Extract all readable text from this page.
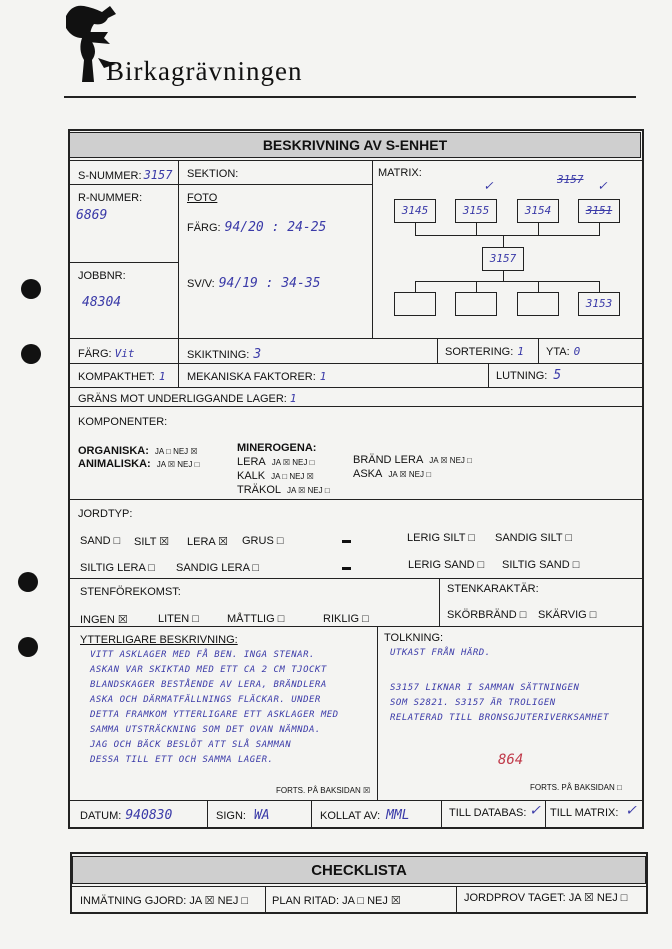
Birkagrävningen
BESKRIVNING AV S-ENHET
S-NUMMER: 3157 SEKTION:	MATRIX:
R-NUMMER:
6869
FOTO
FÄRG: 94/20 : 24-25
JOBBNR:
48304
SV/V: 94/19 : 34-35
3145	3155	3154	3151
3157
✓	✓
3157
3153
FÄRG: Vit	SKIKTNING: 3	SORTERING: 1 YTA: 0
KOMPAKTHET: 1 MEKANISKA FAKTORER: 1	LUTNING: 5
GRÄNS MOT UNDERLIGGANDE LAGER: 1
KOMPONENTER:
ORGANISKA: JA □ NEJ ☒
ANIMALISKA: JA ☒ NEJ □
MINEROGENA:
LERA JA ☒ NEJ □	BRÄND LERA JA ☒ NEJ □
KALK JA □ NEJ ☒	ASKA JA ☒ NEJ □
TRÄKOL JA ☒ NEJ □
JORDTYP:
SAND □ SILT ☒ LERA ☒ GRUS □	LERIG SILT □ SANDIG SILT □
SILTIG LERA □ SANDIG LERA □	LERIG SAND □ SILTIG SAND □
STENFÖREKOMST:
INGEN ☒	LITEN □	MÅTTLIG □	RIKLIG □
STENKARAKTÄR:
SKÖRBRÄND □ SKÄRVIG □
YTTERLIGARE BESKRIVNING:
VITT ASKLAGER MED FÅ BEN. INGA STENAR.
ASKAN VAR SKIKTAD MED ETT CA 2 CM TJOCKT
BLANDSKAGER BESTÅENDE AV LERA, BRÄNDLERA
ASKA OCH DÄRMATFÄLLNINGS FLÄCKAR. UNDER
DETTA FRAMKOM YTTERLIGARE ETT ASKLAGER MED
SAMMA UTSTRÄCKNING SOM DET OVAN NÄMNDA.
JAG OCH BÄCK BESLÖT ATT SLÅ SAMMAN
DESSA TILL ETT OCH SAMMA LAGER.
FORTS. PÅ BAKSIDAN ☒
TOLKNING:
UTKAST FRÅN HÄRD.
S3157 LIKNAR I SAMMAN SÄTTNINGEN
SOM S2821. S3157 ÄR TROLIGEN
RELATERAD TILL BRONSGJUTERIVERKSAMHET
864
FORTS. PÅ BAKSIDAN □
DATUM: 940830	SIGN: WA	KOLLAT AV: MML	TILL DATABAS: ✓ TILL MATRIX: ✓
CHECKLISTA
INMÄTNING GJORD: JA ☒ NEJ □ PLAN RITAD: JA □ NEJ ☒	JORDPROV TAGET: JA ☒ NEJ □
